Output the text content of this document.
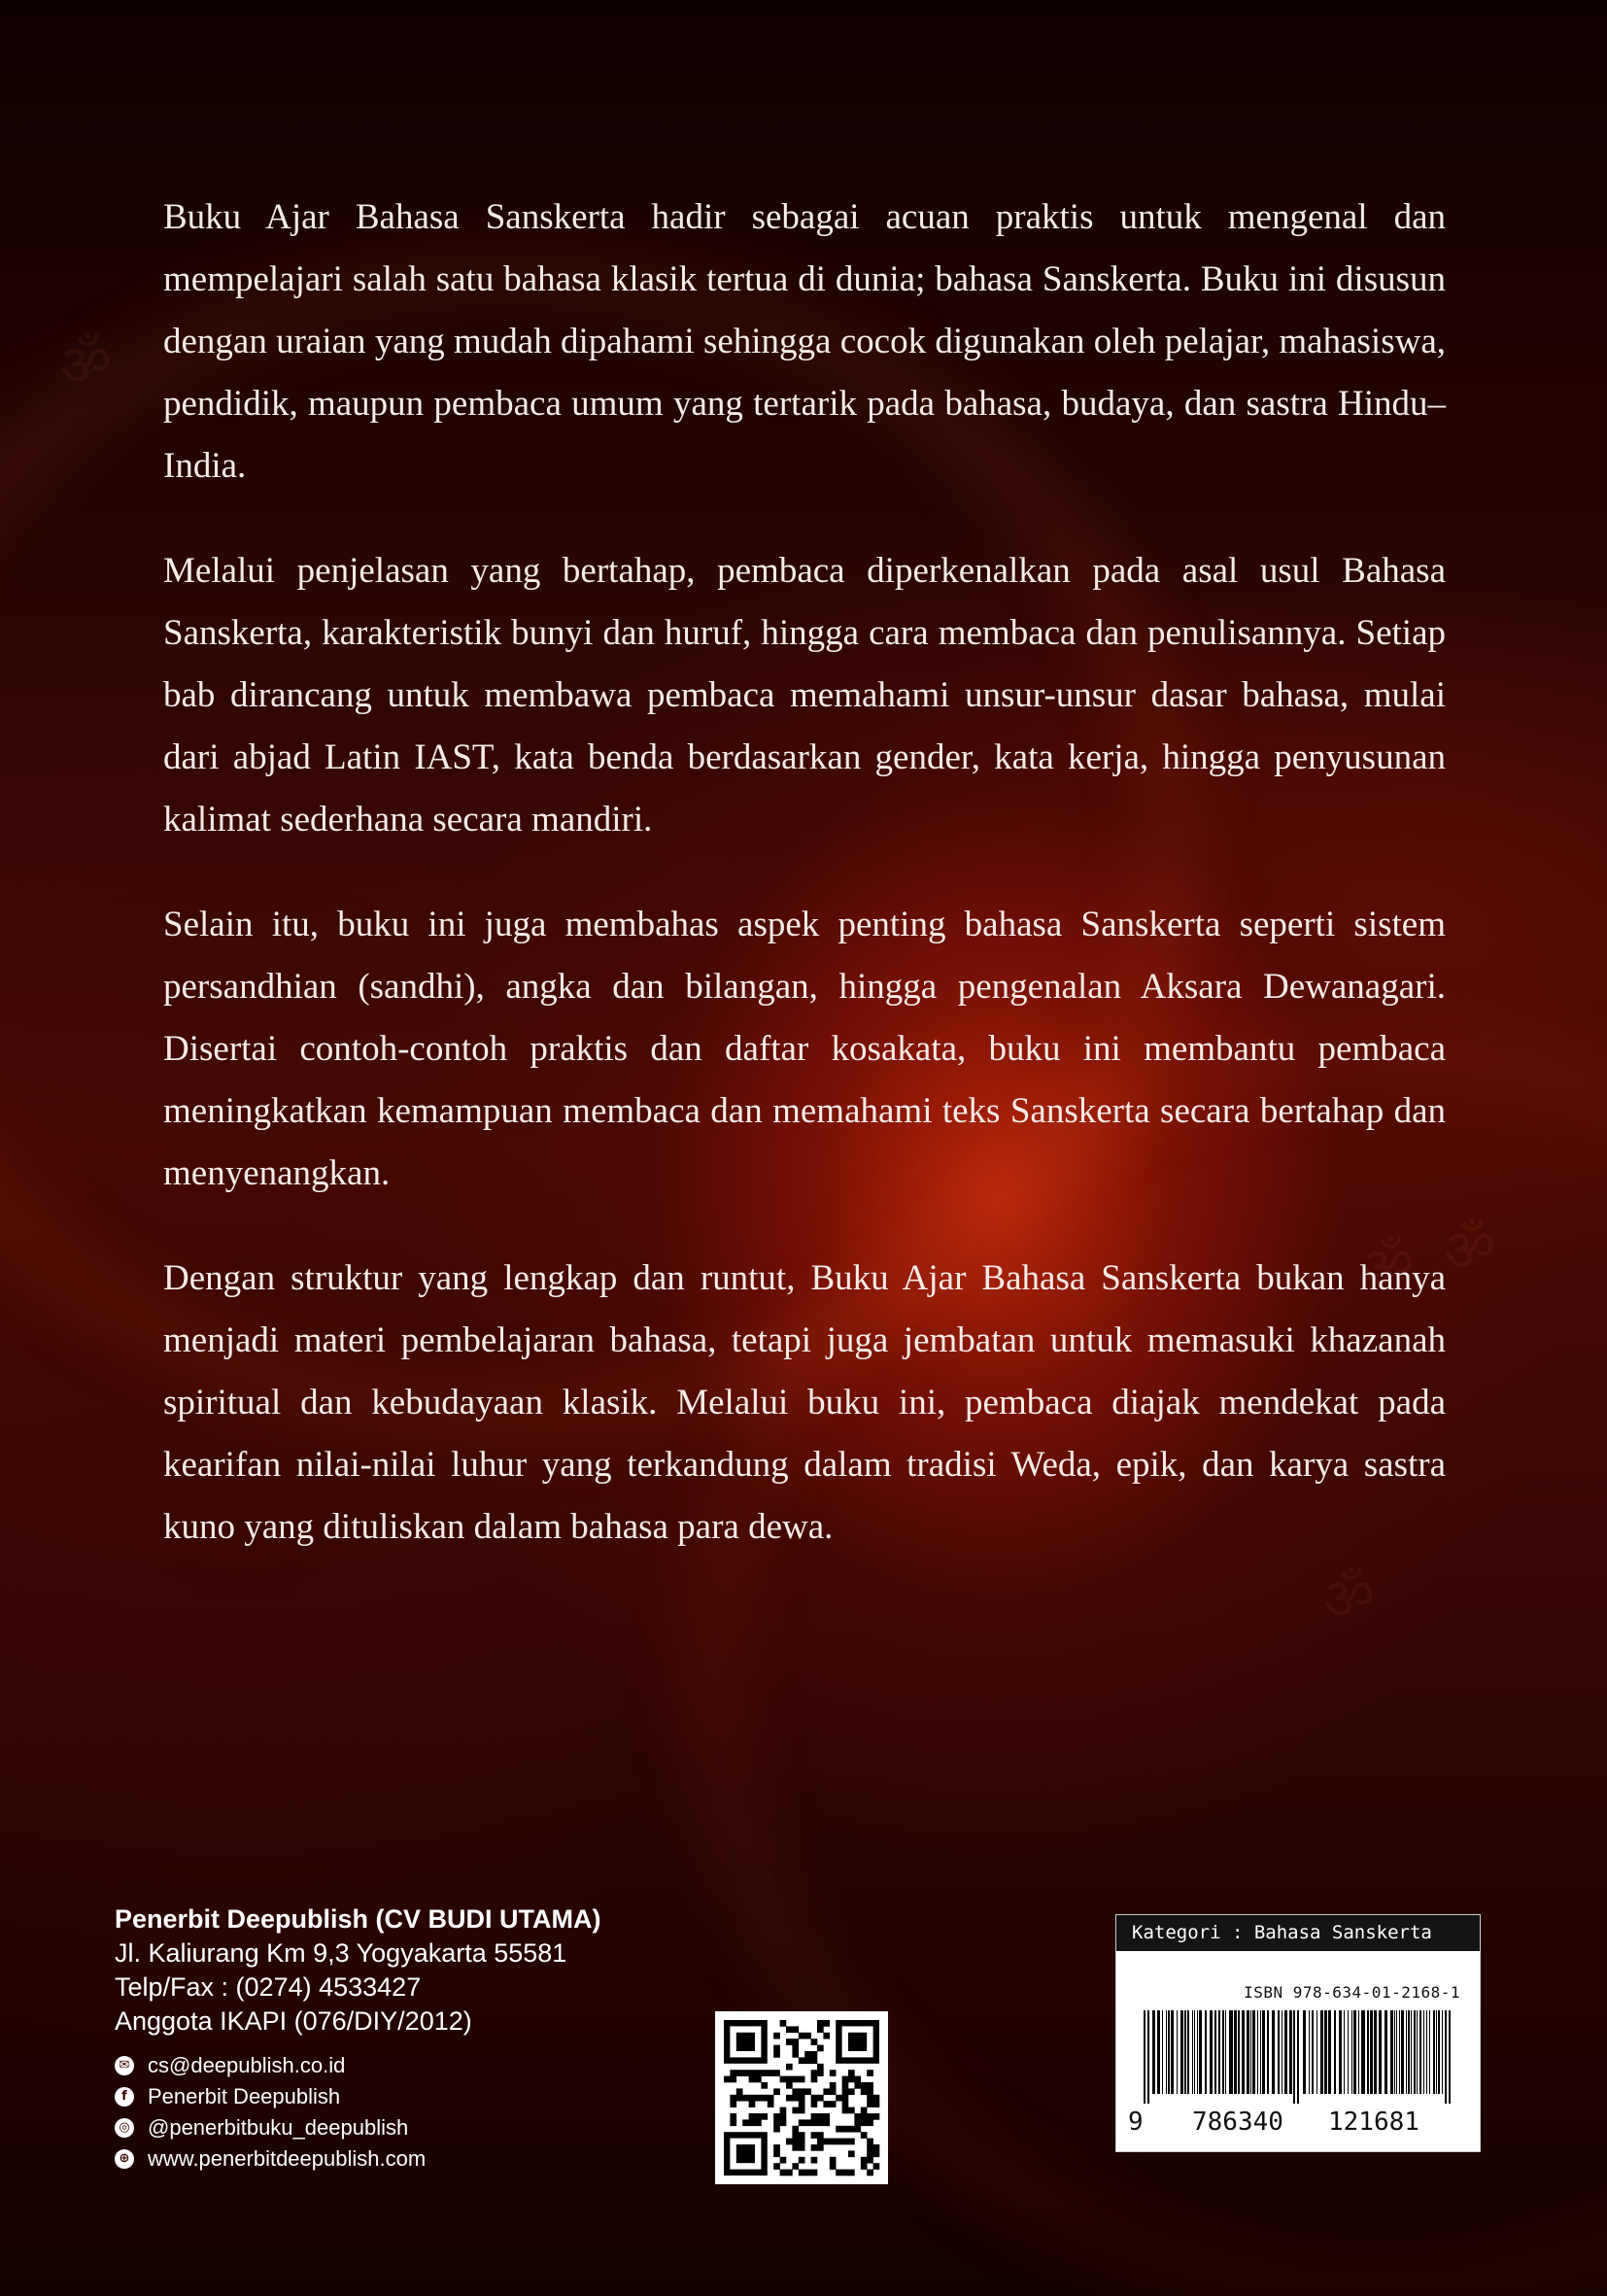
ॐ ॐ
ॐ
ॐ

Buku Ajar Bahasa Sanskerta hadir sebagai acuan praktis untuk mengenal dan mempelajari salah satu bahasa klasik tertua di dunia; bahasa Sanskerta. Buku ini disusun dengan uraian yang mudah dipahami sehingga cocok digunakan oleh pelajar, mahasiswa, pendidik, maupun pembaca umum yang tertarik pada bahasa, budaya, dan sastra Hindu–India.

Melalui penjelasan yang bertahap, pembaca diperkenalkan pada asal usul Bahasa Sanskerta, karakteristik bunyi dan huruf, hingga cara membaca dan penulisannya. Setiap bab dirancang untuk membawa pembaca memahami unsur-unsur dasar bahasa, mulai dari abjad Latin IAST, kata benda berdasarkan gender, kata kerja, hingga penyusunan kalimat sederhana secara mandiri.

Selain itu, buku ini juga membahas aspek penting bahasa Sanskerta seperti sistem persandhian (sandhi), angka dan bilangan, hingga pengenalan Aksara Dewanagari. Disertai contoh-contoh praktis dan daftar kosakata, buku ini membantu pembaca meningkatkan kemampuan membaca dan memahami teks Sanskerta secara bertahap dan menyenangkan.

Dengan struktur yang lengkap dan runtut, Buku Ajar Bahasa Sanskerta bukan hanya menjadi materi pembelajaran bahasa, tetapi juga jembatan untuk memasuki khazanah spiritual dan kebudayaan klasik. Melalui buku ini, pembaca diajak mendekat pada kearifan nilai-nilai luhur yang terkandung dalam tradisi Weda, epik, dan karya sastra kuno yang dituliskan dalam bahasa para dewa.

Penerbit Deepublish (CV BUDI UTAMA)
Jl. Kaliurang Km 9,3 Yogyakarta 55581
Telp/Fax : (0274) 4533427
Anggota IKAPI (076/DIY/2012)
✉ cs@deepublish.co.id
f Penerbit Deepublish
◎ @penerbitbuku_deepublish
⊕ www.penerbitdeepublish.com
Kategori : Bahasa Sanskerta
ISBN 978-634-01-2168-1
9 786340 121681
